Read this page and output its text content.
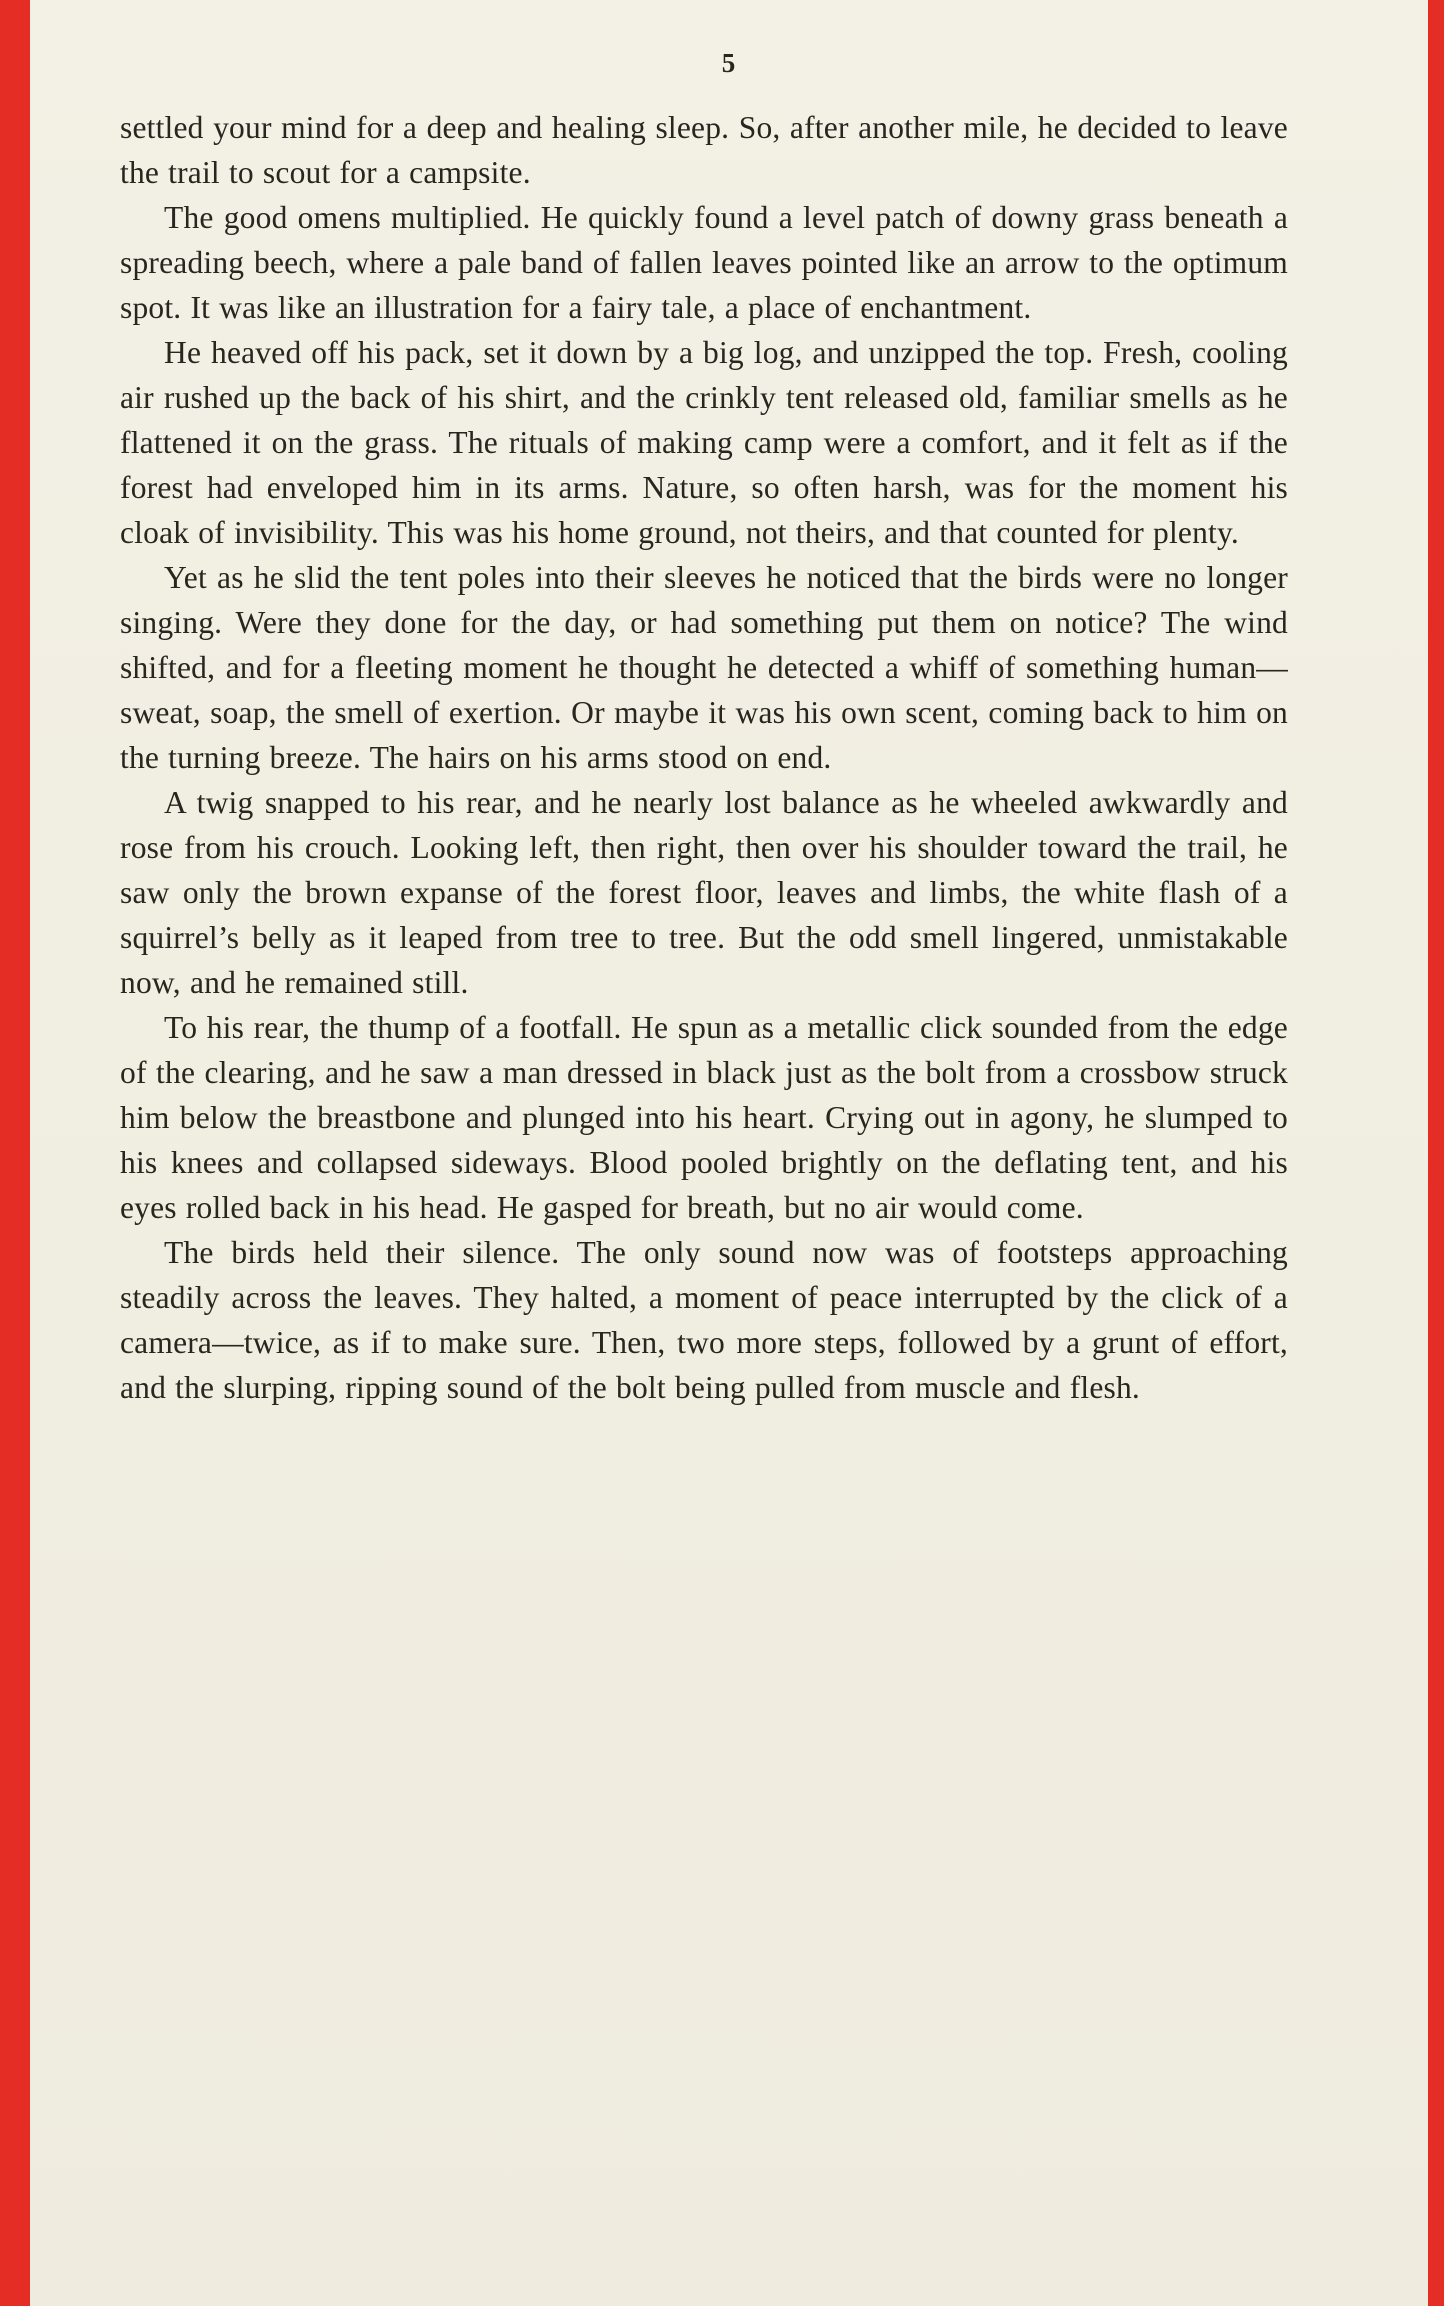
5

settled your mind for a deep and healing sleep. So, after another mile, he decided to leave the trail to scout for a campsite.

The good omens multiplied. He quickly found a level patch of downy grass beneath a spreading beech, where a pale band of fallen leaves pointed like an arrow to the optimum spot. It was like an illustration for a fairy tale, a place of enchantment.

He heaved off his pack, set it down by a big log, and unzipped the top. Fresh, cooling air rushed up the back of his shirt, and the crinkly tent released old, familiar smells as he flattened it on the grass. The rituals of making camp were a comfort, and it felt as if the forest had enveloped him in its arms. Nature, so often harsh, was for the moment his cloak of invisibility. This was his home ground, not theirs, and that counted for plenty.

Yet as he slid the tent poles into their sleeves he noticed that the birds were no longer singing. Were they done for the day, or had something put them on notice? The wind shifted, and for a fleeting moment he thought he detected a whiff of something human—sweat, soap, the smell of exertion. Or maybe it was his own scent, coming back to him on the turning breeze. The hairs on his arms stood on end.

A twig snapped to his rear, and he nearly lost balance as he wheeled awkwardly and rose from his crouch. Looking left, then right, then over his shoulder toward the trail, he saw only the brown expanse of the forest floor, leaves and limbs, the white flash of a squirrel’s belly as it leaped from tree to tree. But the odd smell lingered, unmistakable now, and he remained still.

To his rear, the thump of a footfall. He spun as a metallic click sounded from the edge of the clearing, and he saw a man dressed in black just as the bolt from a crossbow struck him below the breastbone and plunged into his heart. Crying out in agony, he slumped to his knees and collapsed sideways. Blood pooled brightly on the deflating tent, and his eyes rolled back in his head. He gasped for breath, but no air would come.

The birds held their silence. The only sound now was of footsteps approaching steadily across the leaves. They halted, a moment of peace interrupted by the click of a camera—twice, as if to make sure. Then, two more steps, followed by a grunt of effort, and the slurping, ripping sound of the bolt being pulled from muscle and flesh.
